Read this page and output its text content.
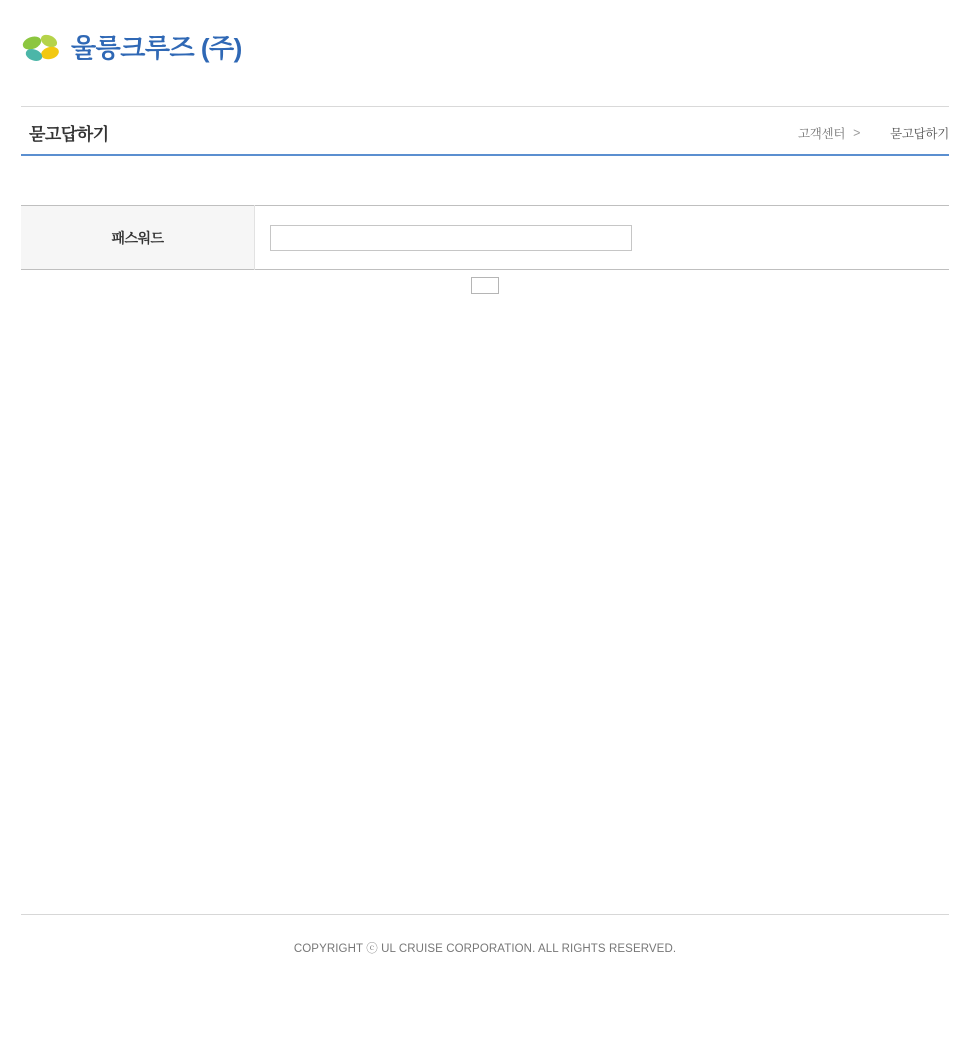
울릉크루즈 (주)
묻고답하기	고객센터 > 묻고답하기
패스워드	
COPYRIGHT ⓒ UL CRUISE CORPORATION. ALL RIGHTS RESERVED.
